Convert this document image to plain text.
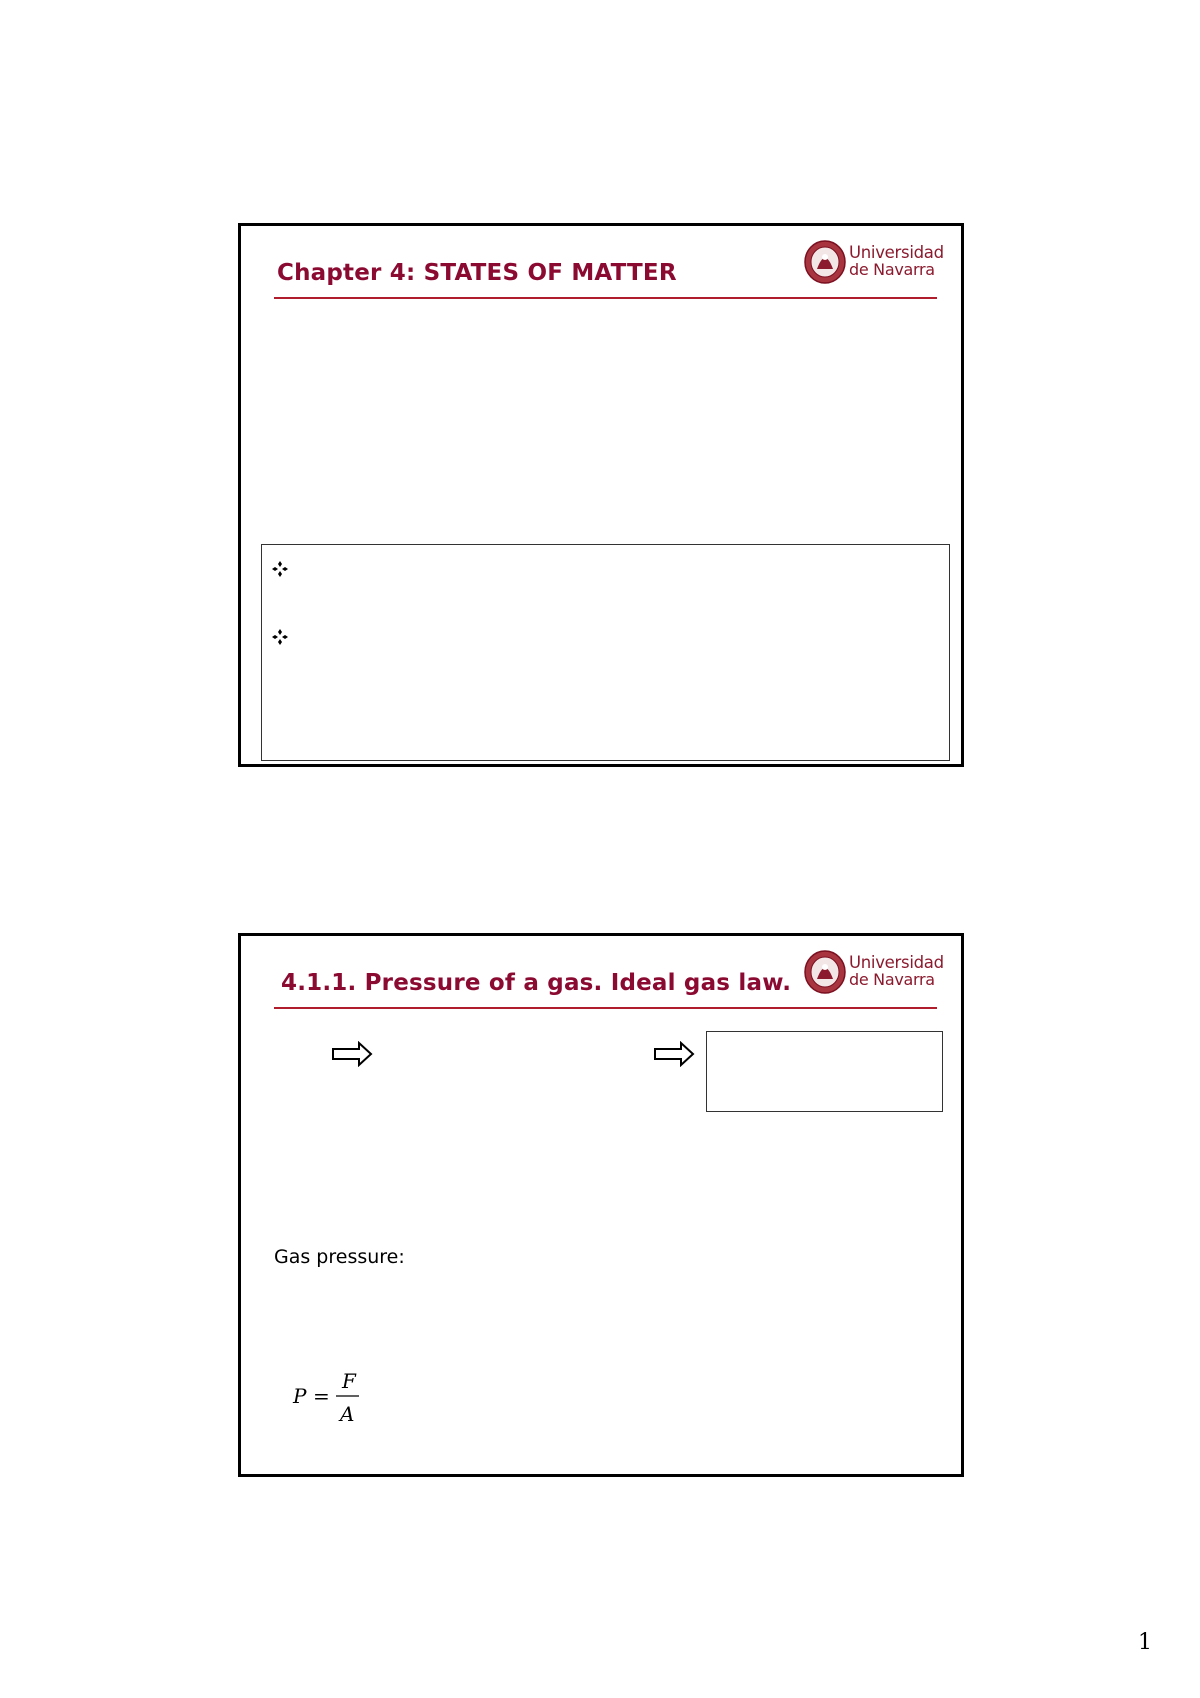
Chapter 4: STATES OF MATTER
Universidad
de Navarra
4.1.1. Pressure of a gas. Ideal gas law.
Universidad
de Navarra
Gas pressure:
P =
F
A
1
